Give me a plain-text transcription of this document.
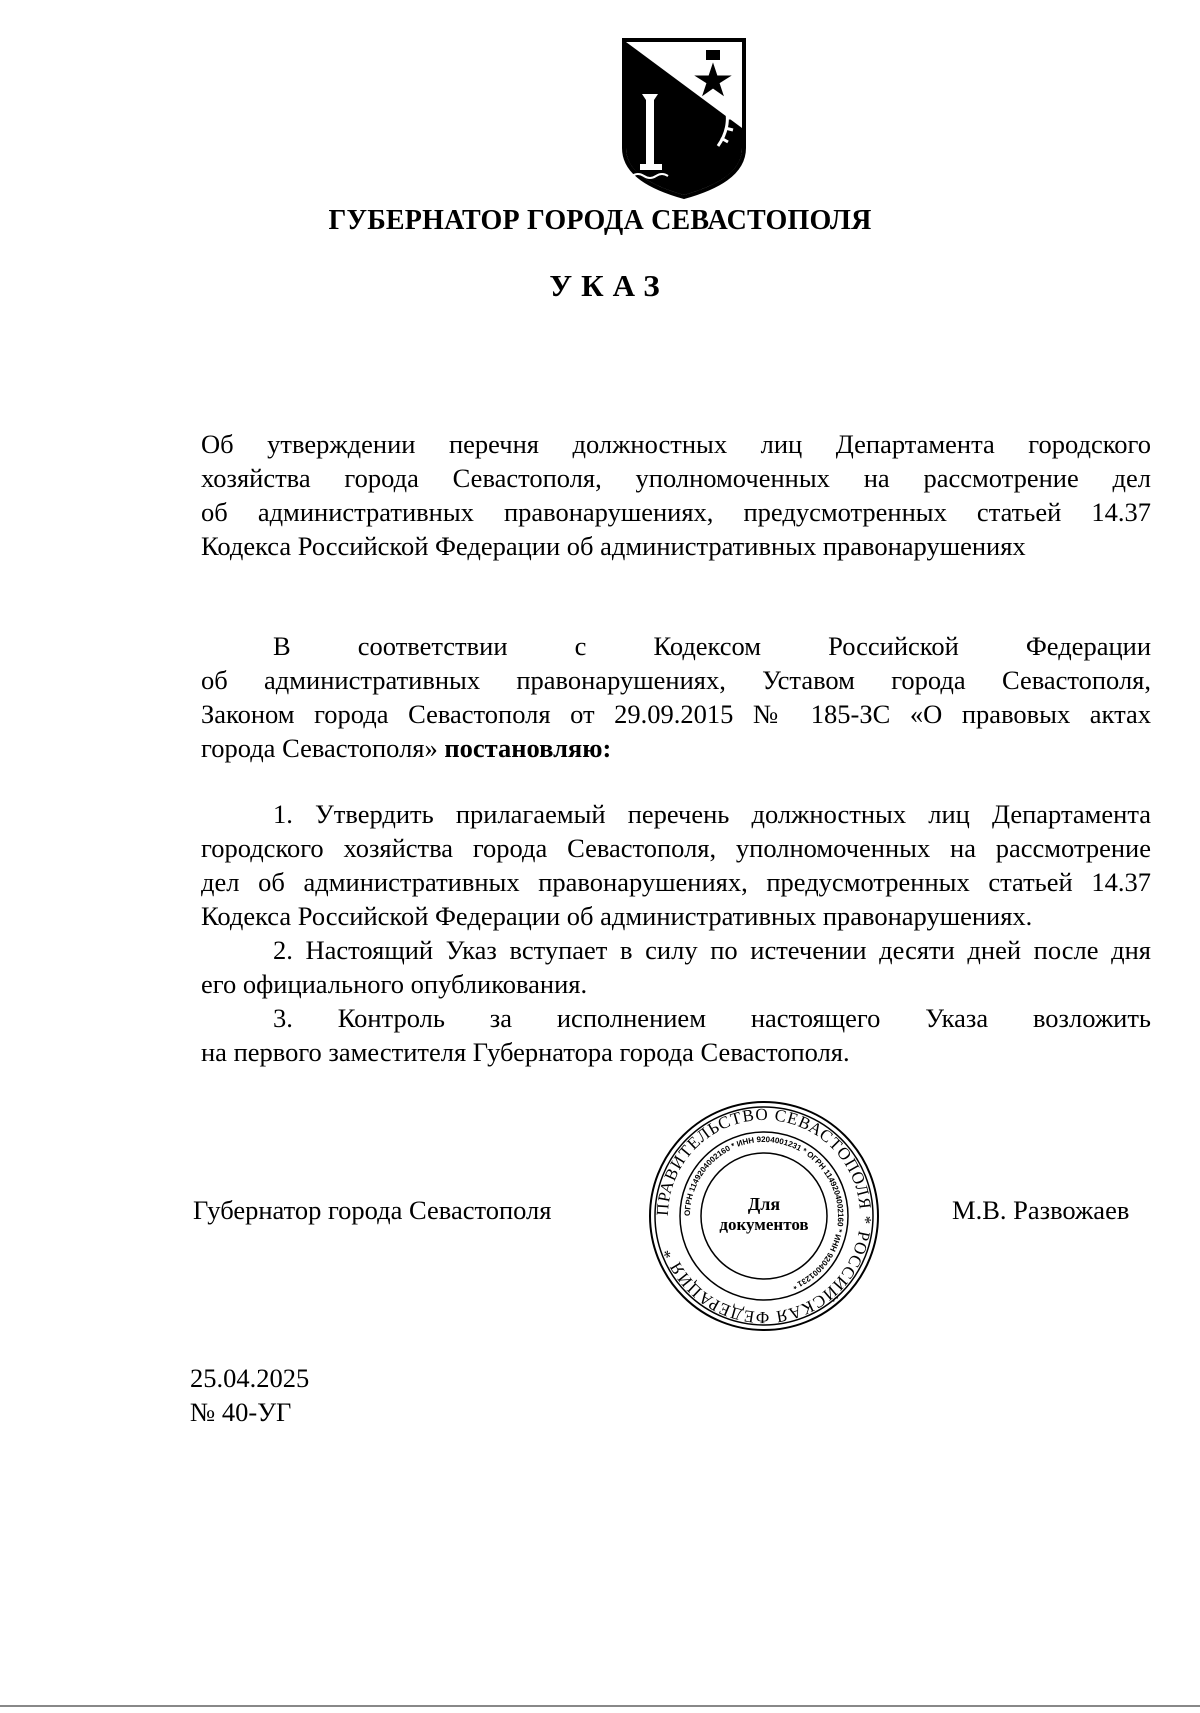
ГУБЕРНАТОР ГОРОДА СЕВАСТОПОЛЯ
УКАЗ
Об утверждении перечня должностных лиц Департамента городского
хозяйства города Севастополя, уполномоченных на рассмотрение дел
об административных правонарушениях, предусмотренных статьей 14.37
Кодекса Российской Федерации об административных правонарушениях
В соответствии с Кодексом Российской Федерации
об административных правонарушениях, Уставом города Севастополя,
Законом города Севастополя от 29.09.2015 № 185-ЗС «О правовых актах
города Севастополя» постановляю:
1. Утвердить прилагаемый перечень должностных лиц Департамента
городского хозяйства города Севастополя, уполномоченных на рассмотрение
дел об административных правонарушениях, предусмотренных статьей 14.37
Кодекса Российской Федерации об административных правонарушениях.
2. Настоящий Указ вступает в силу по истечении десяти дней после дня
его официального опубликования.
3. Контроль за исполнением настоящего Указа возложить
на первого заместителя Губернатора города Севастополя.
Губернатор города Севастополя	ПРАВИТЕЛЬСТВО СЕВАСТОПОЛЯ * РОССИЙСКАЯ ФЕДЕРАЦИЯ *
ОГРН 1149204002160 * ИНН 9204001231 * ОГРН 1149204002160 * ИНН 9204001231 *
Для
документов	М.В. Развожаев
25.04.2025
№ 40-УГ
